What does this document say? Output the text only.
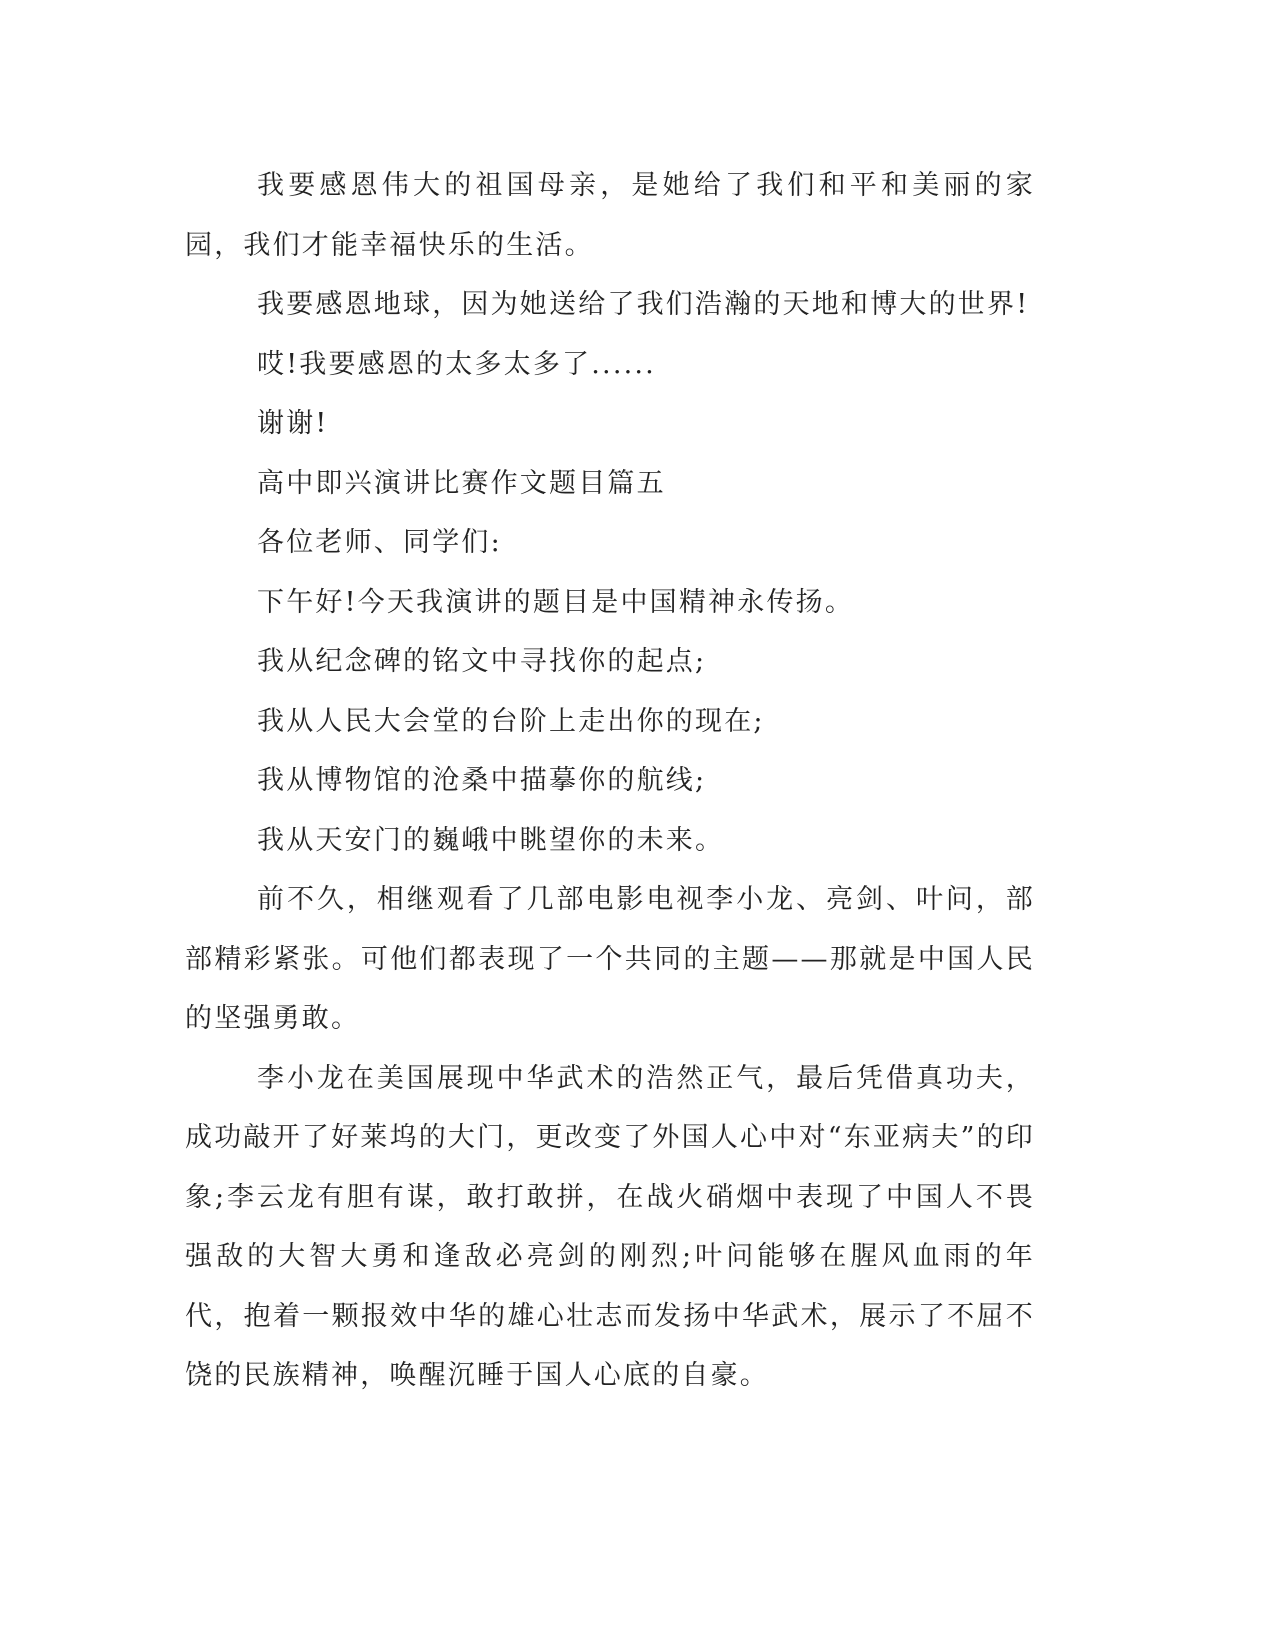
我要感恩伟大的祖国母亲，是她给了我们和平和美丽的家园，我们才能幸福快乐的生活。

我要感恩地球，因为她送给了我们浩瀚的天地和博大的世界!

哎!我要感恩的太多太多了......

谢谢!

高中即兴演讲比赛作文题目篇五

各位老师、同学们:

下午好!今天我演讲的题目是中国精神永传扬。

我从纪念碑的铭文中寻找你的起点;

我从人民大会堂的台阶上走出你的现在;

我从博物馆的沧桑中描摹你的航线;

我从天安门的巍峨中眺望你的未来。

前不久，相继观看了几部电影电视李小龙、亮剑、叶问，部部精彩紧张。可他们都表现了一个共同的主题——那就是中国人民的坚强勇敢。

李小龙在美国展现中华武术的浩然正气，最后凭借真功夫，成功敲开了好莱坞的大门，更改变了外国人心中对“东亚病夫”的印象;李云龙有胆有谋，敢打敢拼，在战火硝烟中表现了中国人不畏强敌的大智大勇和逢敌必亮剑的刚烈;叶问能够在腥风血雨的年代，抱着一颗报效中华的雄心壮志而发扬中华武术，展示了不屈不饶的民族精神，唤醒沉睡于国人心底的自豪。
